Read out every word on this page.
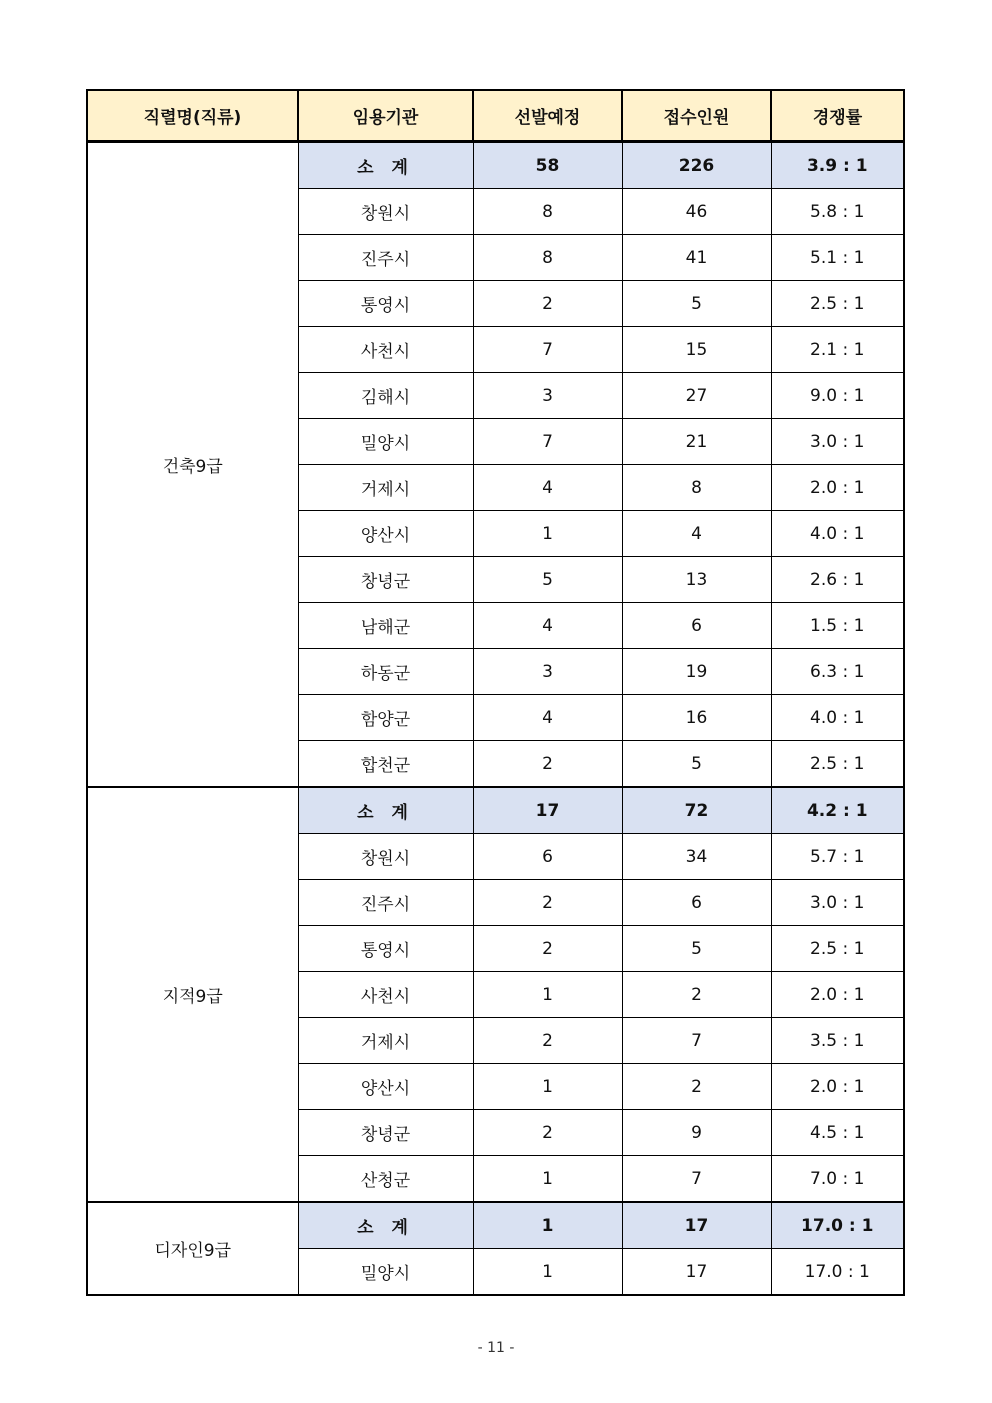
직렬명(직류)	임용기관	선발예정	접수인원	경쟁률
건축9급	소 계	58	226	3.9 : 1
	창원시	8	46	5.8 : 1
	진주시	8	41	5.1 : 1
	통영시	2	5	2.5 : 1
	사천시	7	15	2.1 : 1
	김해시	3	27	9.0 : 1
	밀양시	7	21	3.0 : 1
	거제시	4	8	2.0 : 1
	양산시	1	4	4.0 : 1
	창녕군	5	13	2.6 : 1
	남해군	4	6	1.5 : 1
	하동군	3	19	6.3 : 1
	함양군	4	16	4.0 : 1
	합천군	2	5	2.5 : 1
지적9급	소 계	17	72	4.2 : 1
	창원시	6	34	5.7 : 1
	진주시	2	6	3.0 : 1
	통영시	2	5	2.5 : 1
	사천시	1	2	2.0 : 1
	거제시	2	7	3.5 : 1
	양산시	1	2	2.0 : 1
	창녕군	2	9	4.5 : 1
	산청군	1	7	7.0 : 1
디자인9급	소 계	1	17	17.0 : 1
	밀양시	1	17	17.0 : 1
- 11 -
